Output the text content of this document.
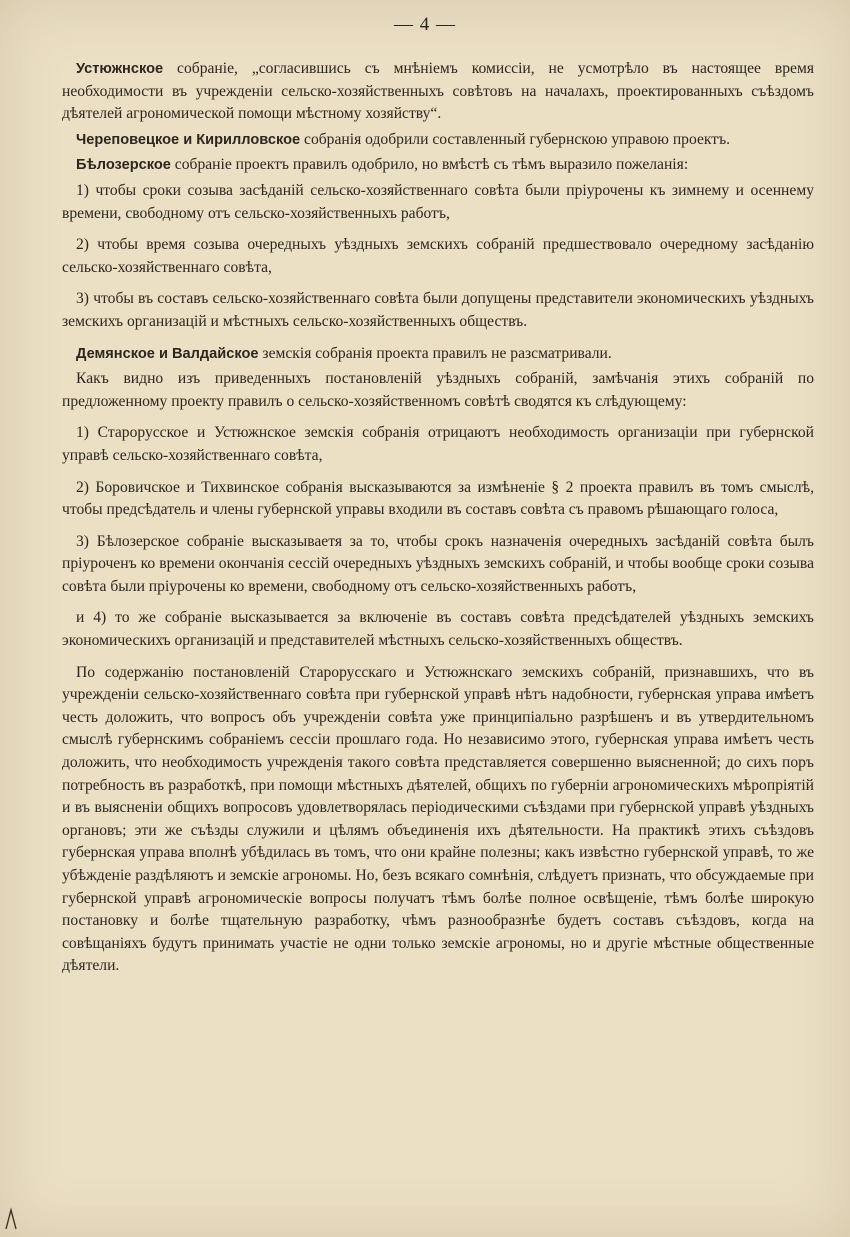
— 4 —

Устюжнское собраніе, „согласившись съ мнѣніемъ комиссіи, не усмотрѣло въ настоящее время необходимости въ учрежденіи сельско-хозяйственныхъ совѣтовъ на началахъ, проектированныхъ съѣздомъ дѣятелей агрономической помощи мѣстному хозяйству“.

Череповецкое и Кирилловское собранія одобрили составленный губернскою управою проектъ.

Бѣлозерское собраніе проектъ правилъ одобрило, но вмѣстѣ съ тѣмъ выразило пожеланія:

1) чтобы сроки созыва засѣданій сельско-хозяйственнаго совѣта были пріурочены къ зимнему и осеннему времени, свободному отъ сельско-хозяйственныхъ работъ,

2) чтобы время созыва очередныхъ уѣздныхъ земскихъ собраній предшествовало очередному засѣданію сельско-хозяйственнаго совѣта,

3) чтобы въ составъ сельско-хозяйственнаго совѣта были допущены представители экономическихъ уѣздныхъ земскихъ организацій и мѣстныхъ сельско-хозяйственныхъ обществъ.

Демянское и Валдайское земскія собранія проекта правилъ не разсматривали.

Какъ видно изъ приведенныхъ постановленій уѣздныхъ собраній, замѣчанія этихъ собраній по предложенному проекту правилъ о сельско-хозяйственномъ совѣтѣ сводятся къ слѣдующему:

1) Старорусское и Устюжнское земскія собранія отрицаютъ необходимость организаціи при губернской управѣ сельско-хозяйственнаго совѣта,

2) Боровичское и Тихвинское собранія высказываются за измѣненіе § 2 проекта правилъ въ томъ смыслѣ, чтобы предсѣдатель и члены губернской управы входили въ составъ совѣта съ правомъ рѣшающаго голоса,

3) Бѣлозерское собраніе высказываетя за то, чтобы срокъ назначенія очередныхъ засѣданій совѣта былъ пріуроченъ ко времени окончанія сессій очередныхъ уѣздныхъ земскихъ собраній, и чтобы вообще сроки созыва совѣта были пріурочены ко времени, свободному отъ сельско-хозяйственныхъ работъ,

и 4) то же собраніе высказывается за включеніе въ составъ совѣта предсѣдателей уѣздныхъ земскихъ экономическихъ организацій и представителей мѣстныхъ сельско-хозяйственныхъ обществъ.

По содержанію постановленій Старорусскаго и Устюжнскаго земскихъ собраній, признавшихъ, что въ учрежденіи сельско-хозяйственнаго совѣта при губернской управѣ нѣтъ надобности, губернская управа имѣетъ честь доложить, что вопросъ объ учрежденіи совѣта уже принципіально разрѣшенъ и въ утвердительномъ смыслѣ губернскимъ собраніемъ сессіи прошлаго года. Но независимо этого, губернская управа имѣетъ честь доложить, что необходимость учрежденія такого совѣта представляется совершенно выясненной; до сихъ поръ потребность въ разработкѣ, при помощи мѣстныхъ дѣятелей, общихъ по губерніи агрономическихъ мѣропріятій и въ выясненіи общихъ вопросовъ удовлетворялась періодическими съѣздами при губернской управѣ уѣздныхъ органовъ; эти же съѣзды служили и цѣлямъ объединенія ихъ дѣятельности. На практикѣ этихъ съѣздовъ губернская управа вполнѣ убѣдилась въ томъ, что они крайне полезны; какъ извѣстно губернской управѣ, то же убѣжденіе раздѣляютъ и земскіе агрономы. Но, безъ всякаго сомнѣнія, слѣдуетъ признать, что обсуждаемые при губернской управѣ агрономическіе вопросы получатъ тѣмъ болѣе полное освѣщеніе, тѣмъ болѣе широкую постановку и болѣе тщательную разработку, чѣмъ разнообразнѣе будетъ составъ съѣздовъ, когда на совѣщаніяхъ будутъ принимать участіе не одни только земскіе агрономы, но и другіе мѣстные общественные дѣятели.
